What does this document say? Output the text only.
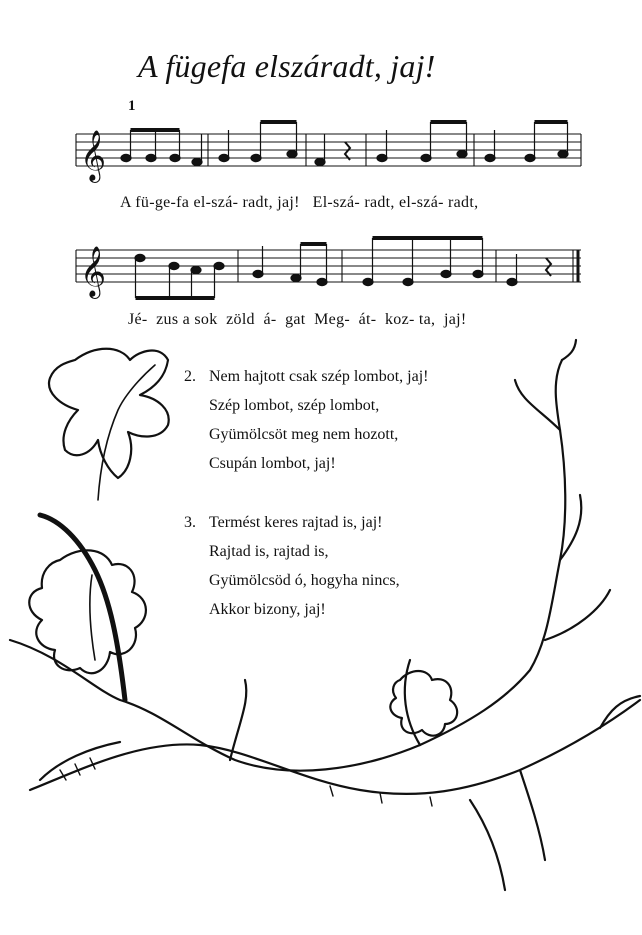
A fügefa elszáradt, jaj!
1
𝄞
𝄞
A fü-ge-fa el-szá- radt, jaj!   El-szá- radt, el-szá- radt,
Jé-  zus a sok  zöld  á-  gat  Meg-  át-  koz- ta,  jaj!
2. Nem hajtott csak szép lombot, jaj!
Szép lombot, szép lombot,
Gyümölcsöt meg nem hozott,
Csupán lombot, jaj!
3. Termést keres rajtad is, jaj!
Rajtad is, rajtad is,
Gyümölcsöd ó, hogyha nincs,
Akkor bizony, jaj!
